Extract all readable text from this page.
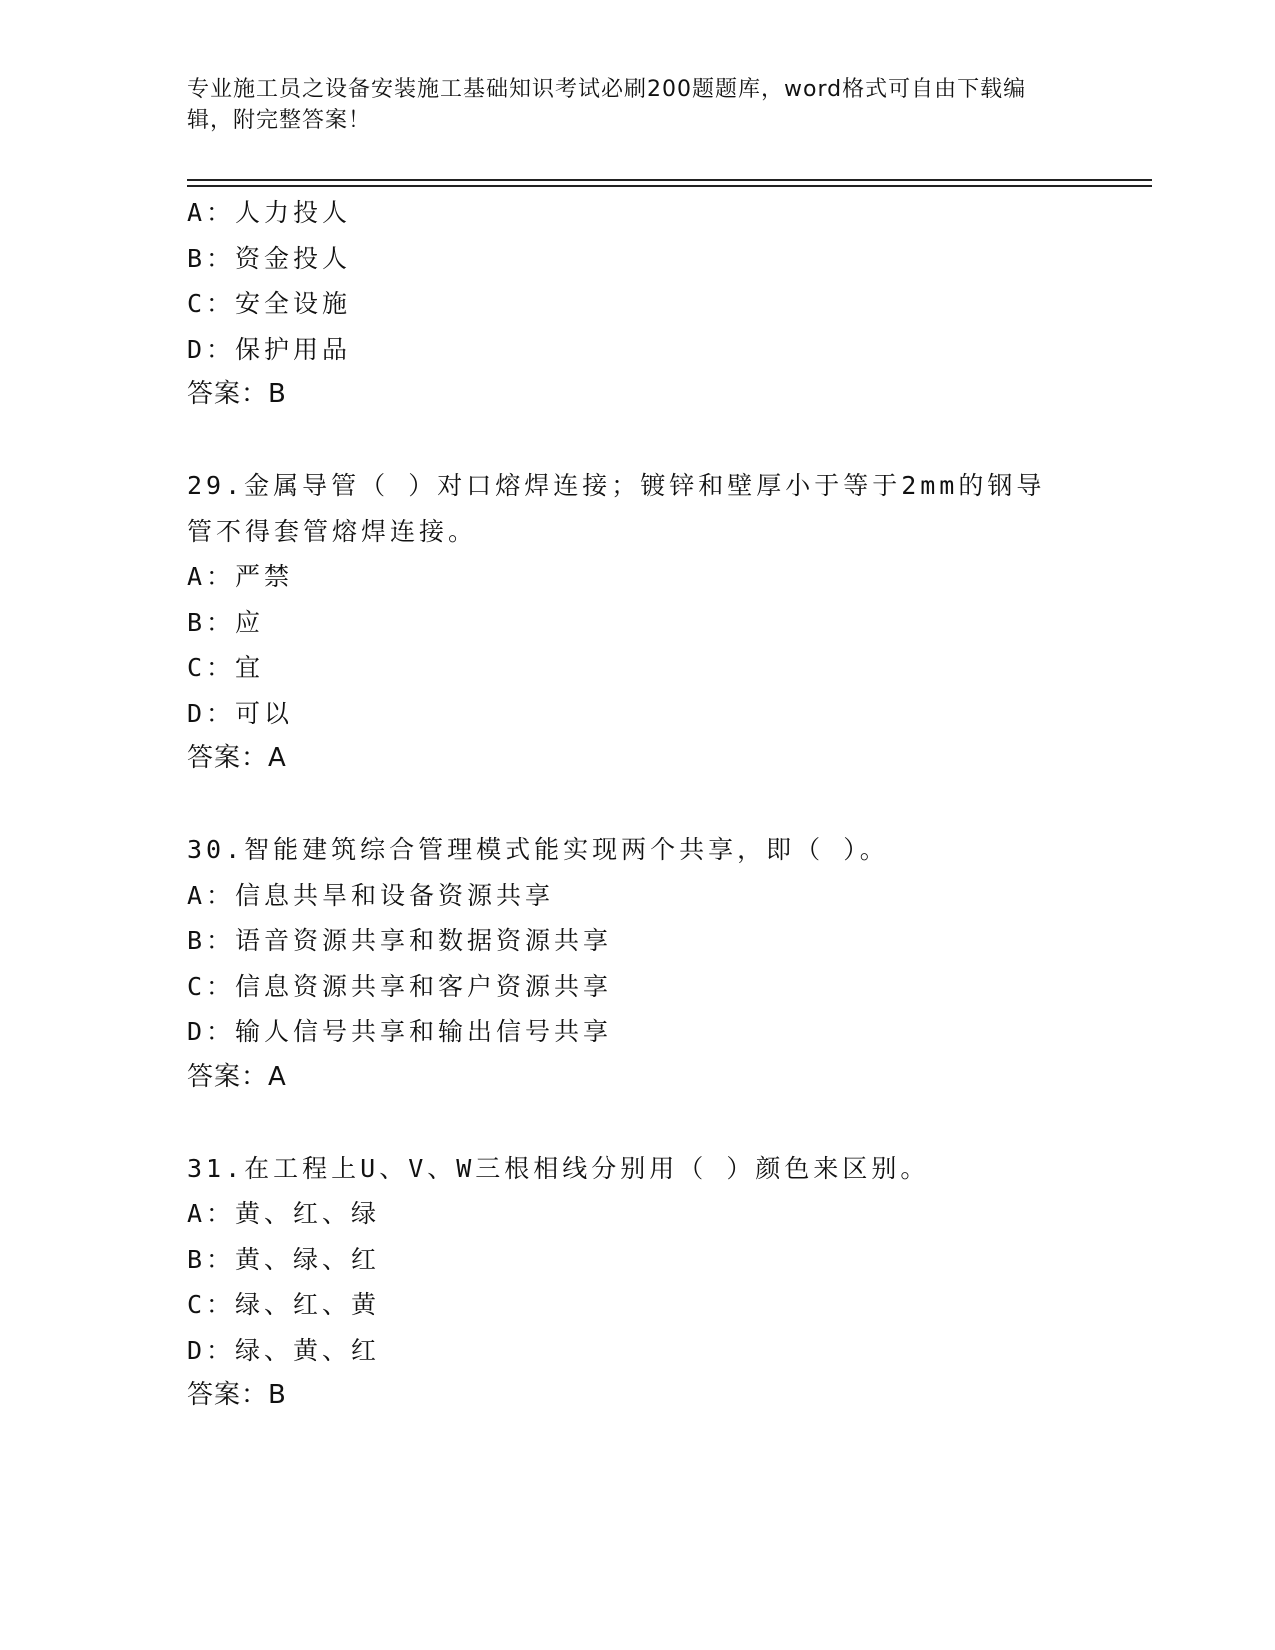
专业施工员之设备安装施工基础知识考试必刷200题题库，word格式可自由下载编辑，附完整答案！
A：人力投人
B：资金投人
C：安全设施
D：保护用品
答案：B
29.金属导管（ ）对口熔焊连接；镀锌和壁厚小于等于2mm的钢导管不得套管熔焊连接。
A：严禁
B：应
C：宜
D：可以
答案：A
30.智能建筑综合管理模式能实现两个共享，即（ ）。
A：信息共旱和设备资源共享
B：语音资源共享和数据资源共享
C：信息资源共享和客户资源共享
D：输人信号共享和输出信号共享
答案：A
31.在工程上U、V、W三根相线分别用（ ）颜色来区别。
A：黄、红、绿
B：黄、绿、红
C：绿、红、黄
D：绿、黄、红
答案：B
